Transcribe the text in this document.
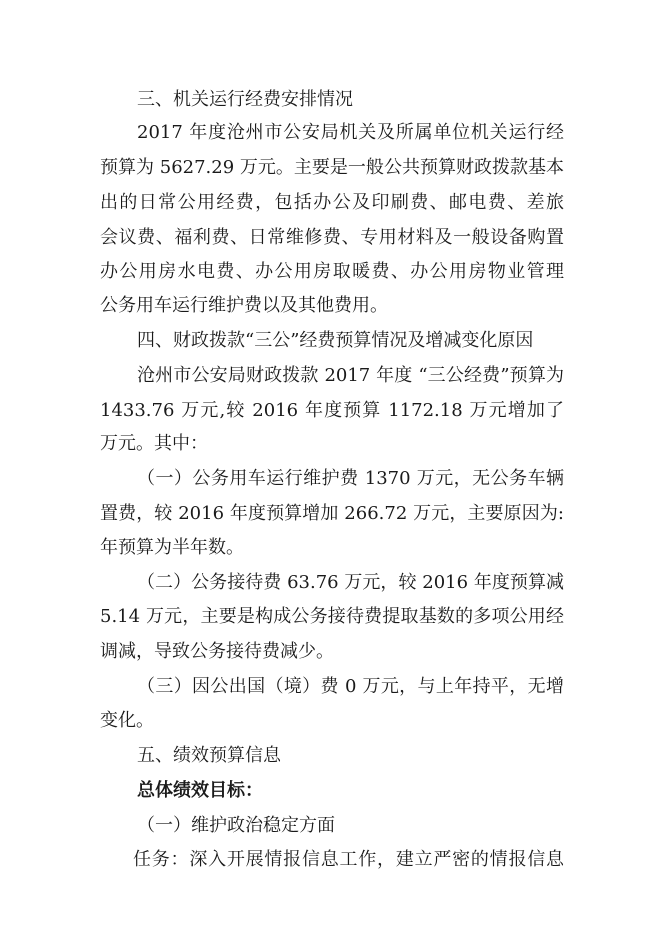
三、机关运行经费安排情况
2017 年度沧州市公安局机关及所属单位机关运行经
预算为 5627.29 万元。主要是一般公共预算财政拨款基本
出的日常公用经费，包括办公及印刷费、邮电费、差旅
会议费、福利费、日常维修费、专用材料及一般设备购置
办公用房水电费、办公用房取暖费、办公用房物业管理
公务用车运行维护费以及其他费用。
四、财政拨款“三公”经费预算情况及增减变化原因
沧州市公安局财政拨款 2017 年度 “三公经费”预算为
1433.76 万元,较 2016 年度预算 1172.18 万元增加了
万元。其中：
（一）公务用车运行维护费 1370 万元，无公务车辆
置费，较 2016 年度预算增加 266.72 万元，主要原因为:
年预算为半年数。
（二）公务接待费 63.76 万元，较 2016 年度预算减
5.14 万元，主要是构成公务接待费提取基数的多项公用经
调减，导致公务接待费减少。
（三）因公出国（境）费 0 万元，与上年持平，无增
变化。
五、绩效预算信息
总体绩效目标：
（一）维护政治稳定方面
任务：深入开展情报信息工作，建立严密的情报信息
